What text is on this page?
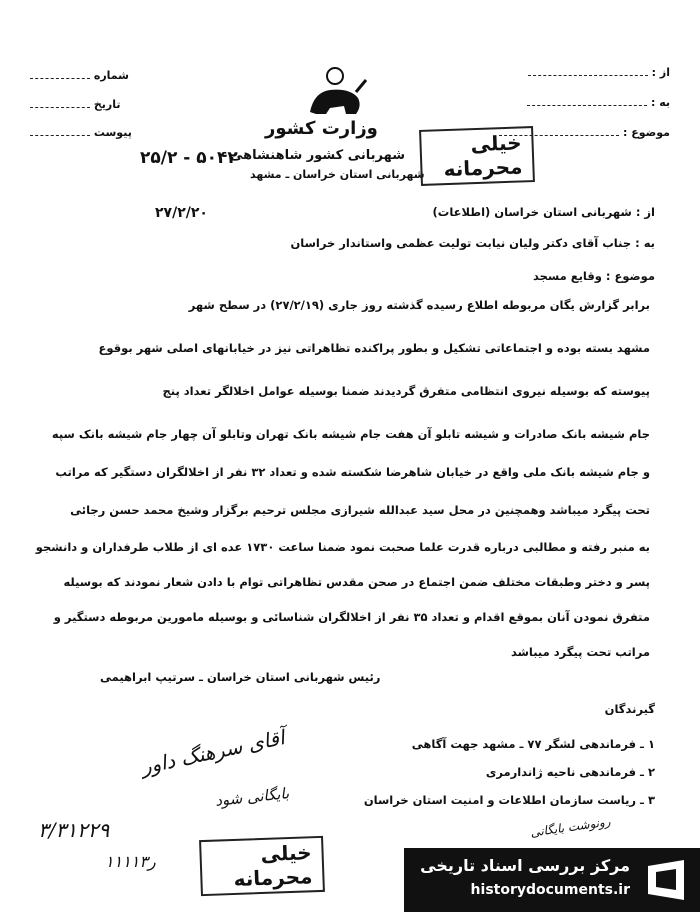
شماره
تاریخ
پیوست
از :
به :
موضوع :
وزارت کشور
شهربانی کشور شاهنشاهی
شهربانی استان خراسان ـ مشهد
خیلی محرمانه
۲۵/۲ - ۵۰۴۲
۲۷/۲/۲۰	از : شهربانی استان خراسان (اطلاعات)
به : جناب آقای دکتر ولیان نیابت تولیت عظمی واستاندار خراسان
موضوع : وقایع مسجد
برابر گزارش یگان مربوطه اطلاع رسیده گذشته روز جاری (۲۷/۲/۱۹) در سطح شهر
مشهد بسته بوده و اجتماعاتی تشکیل و بطور پراکنده تظاهراتی نیز در خیابانهای اصلی شهر بوقوع
پیوسته که بوسیله نیروی انتظامی متفرق گردیدند ضمنا بوسیله عوامل اخلالگر تعداد پنج
جام شیشه بانک صادرات و شیشه تابلو آن هفت جام شیشه بانک تهران وتابلو آن چهار جام شیشه بانک سپه
و جام شیشه بانک ملی واقع در خیابان شاهرضا شکسته شده و تعداد ۳۲ نفر از اخلالگران دستگیر که مراتب
تحت پیگرد میباشد وهمچنین در محل سید عبدالله شیرازی مجلس ترحیم برگزار وشیخ محمد حسن رجائی
به منبر رفته و مطالبی درباره قدرت علما صحبت نمود ضمنا ساعت ۱۷۳۰ عده ای از طلاب طرفداران و دانشجو
پسر و دختر وطبقات مختلف ضمن اجتماع در صحن مقدس تظاهراتی توام با دادن شعار نمودند که بوسیله
متفرق نمودن آنان بموقع اقدام و تعداد ۳۵ نفر از اخلالگران شناسائی و بوسیله مامورین مربوطه دستگیر و
مراتب تحت پیگرد میباشد
رئیس شهربانی استان خراسان ـ سرتیپ ابراهیمی
گیرندگان
۱ ـ فرماندهی لشگر ۷۷ ـ مشهد جهت آگاهی
۲ ـ فرماندهی ناحیه ژاندارمری
۳ ـ ریاست سازمان اطلاعات و امنیت استان خراسان
آقای سرهنگ داور
بایگانی شود
رونوشت بایگانی
۳/۳۱۲۲۹
۱۱۱۱ر۳	خیلی محرمانه	مرکز بررسی اسناد تاریخی
historydocuments.ir
